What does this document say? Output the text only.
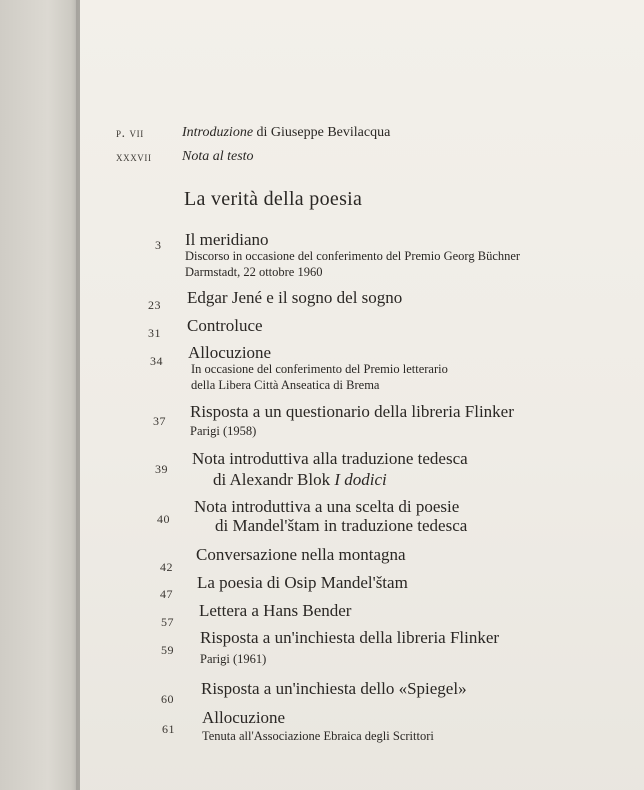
p. vii	Introduzione di Giuseppe Bevilacqua
xxxvii Nota al testo
La verità della poesia
3 Il meridiano
Discorso in occasione del conferimento del Premio Georg Büchner
Darmstadt, 22 ottobre 1960
23 Edgar Jené e il sogno del sogno
31 Controluce
34 Allocuzione
In occasione del conferimento del Premio letterario
della Libera Città Anseatica di Brema
37 Risposta a un questionario della libreria Flinker
Parigi (1958)
39
Nota introduttiva alla traduzione tedesca
di Alexandr Blok I dodici
40
Nota introduttiva a una scelta di poesie
di Mandel'štam in traduzione tedesca
42
Conversazione nella montagna
47
La poesia di Osip Mandel'štam
57
Lettera a Hans Bender
59
Risposta a un'inchiesta della libreria Flinker
Parigi (1961)
60
Risposta a un'inchiesta dello «Spiegel»
61
Allocuzione
Tenuta all'Associazione Ebraica degli Scrittori
